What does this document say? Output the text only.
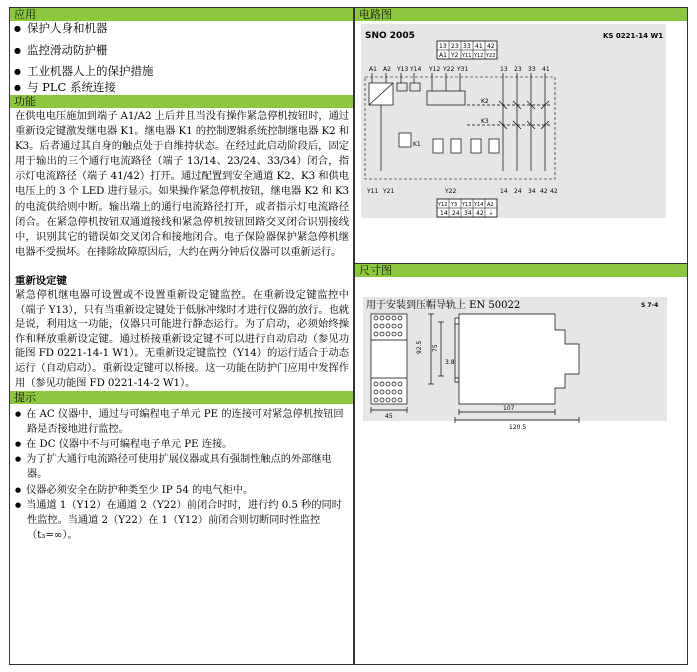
应用
● 保护人身和机器
● 监控滑动防护栅
● 工业机器人上的保护措施
● 与 PLC 系统连接
功能
在供电电压施加到端子 A1/A2 上后并且当没有操作紧急停机按钮时，通过重新设定键激发继电器 K1。继电器 K1 的控制逻辑系统控制继电器 K2 和 K3。后者通过其自身的触点处于自维持状态。在经过此启动阶段后，固定用于输出的三个通行电流路径（端子 13/14、23/24、33/34）闭合，指示灯电流路径（端子 41/42）打开。通过配置到安全通道 K2、K3 和供电电压上的 3 个 LED 进行显示。如果操作紧急停机按钮，继电器 K2 和 K3 的电流供给则中断。输出端上的通行电流路径打开，或者指示灯电流路径闭合。在紧急停机按钮双通道接线和紧急停机按钮回路交叉闭合识别接线中，识别其它的错误如交叉闭合和接地闭合。电子保险器保护紧急停机继电器不受损坏。在排除故障原因后，大约在两分钟后仪器可以重新运行。
重新设定键
紧急停机继电器可设置或不设置重新设定键监控。在重新设定键监控中（端子 Y13），只有当重新设定键处于低脉冲缘时才进行仪器的放行。也就是说，利用这一功能，仪器只可能进行静态运行。为了启动，必须始终操作和释放重新设定键。通过桥接重新设定键不可以进行自动启动（参见功能图 FD 0221-14-1 W1）。无重新设定键监控（Y14）的运行适合于动态运行（自动启动）。重新设定键可以桥接。这一功能在防护门应用中发挥作用（参见功能图 FD 0221-14-2 W1）。
提示
● 在 AC 仪器中，通过与可编程电子单元 PE 的连接可对紧急停机按钮回路是否接地进行监控。
● 在 DC 仪器中不与可编程电子单元 PE 连接。
● 为了扩大通行电流路径可使用扩展仪器或具有强制性触点的外部继电器。
● 仪器必须安全在防护种类至少 IP 54 的电气柜中。
● 当通道 1（Y12）在通道 2（Y22）前闭合时时，进行约 0.5 秒的同时性监控。当通道 2（Y22）在 1（Y12）前闭合则切断同时性监控（t₃=∞）。
电路图
SNO 2005	KS 0221-14 W1
13 23 33 41 42
A1 Y2 Y11 Y12 Y22
A1 A2 Y13 Y14 Y12 Y22 Y31	13 23 33 41
K2
K3
K1
Y11 Y21	Y22	14 24 34 42 42
Y12 Y3 Y13 Y14 A2
14 24 34 42 ⏚
尺寸图
用于安装到压帽导轨上 EN 50022	S 7-4
45
92.5 75
3.8
107
120.5
